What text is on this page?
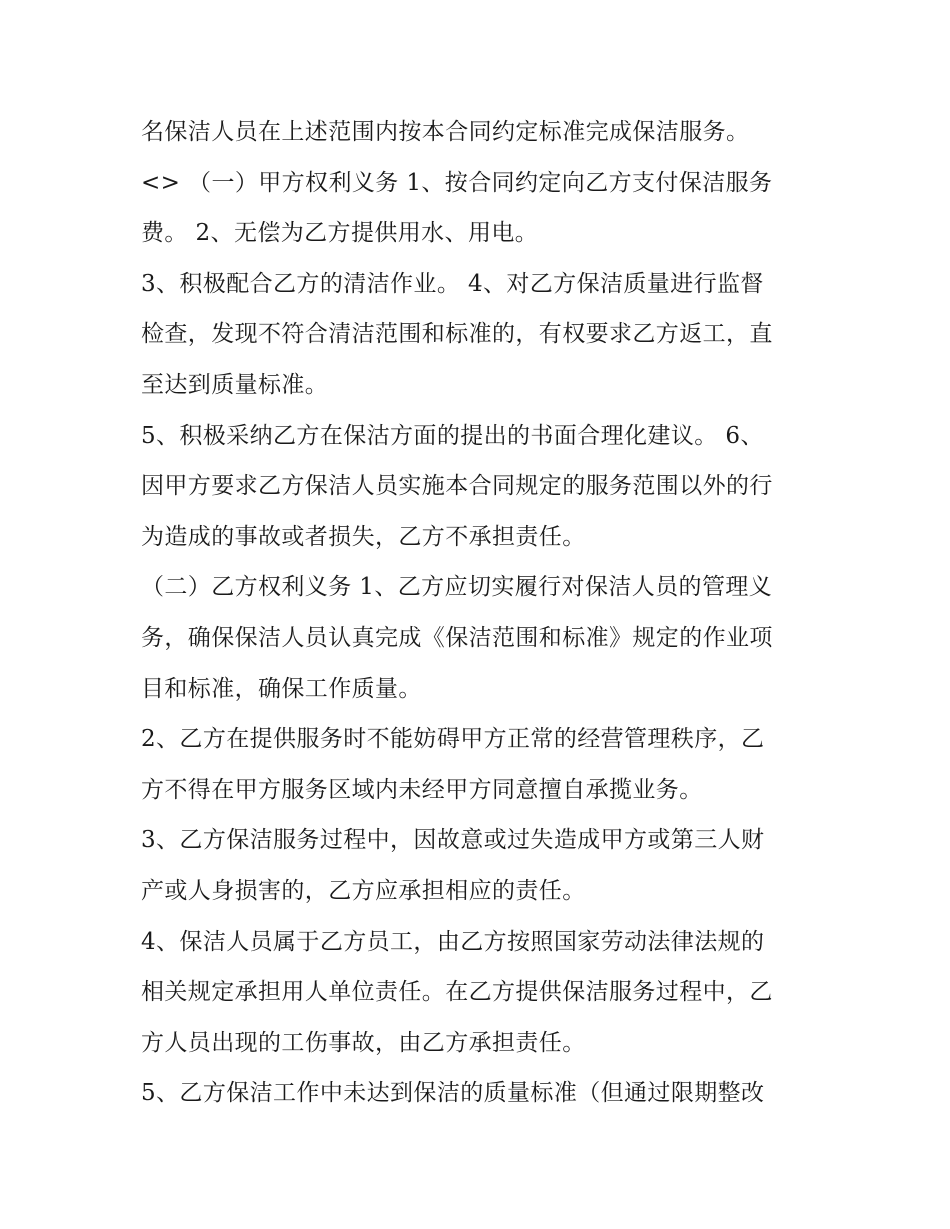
名保洁人员在上述范围内按本合同约定标准完成保洁服务。
<> （一）甲方权利义务 1、按合同约定向乙方支付保洁服务
费。 2、无偿为乙方提供用水、用电。
3、积极配合乙方的清洁作业。 4、对乙方保洁质量进行监督
检查，发现不符合清洁范围和标准的，有权要求乙方返工，直
至达到质量标准。
5、积极采纳乙方在保沽方面的提出的书面合理化建议。 6、
因甲方要求乙方保洁人员实施本合同规定的服务范围以外的行
为造成的事故或者损失，乙方不承担责任。
（二）乙方权利义务 1、乙方应切实履行对保洁人员的管理义
务，确保保洁人员认真完成《保洁范围和标准》规定的作业项
目和标准，确保工作质量。
2、乙方在提供服务时不能妨碍甲方正常的经营管理秩序，乙
方不得在甲方服务区域内未经甲方同意擅自承揽业务。
3、乙方保洁服务过程中，因故意或过失造成甲方或第三人财
产或人身损害的，乙方应承担相应的责任。
4、保洁人员属于乙方员工，由乙方按照国家劳动法律法规的
相关规定承担用人单位责任。在乙方提供保洁服务过程中，乙
方人员出现的工伤事故，由乙方承担责任。
5、乙方保洁工作中未达到保洁的质量标准（但通过限期整改
